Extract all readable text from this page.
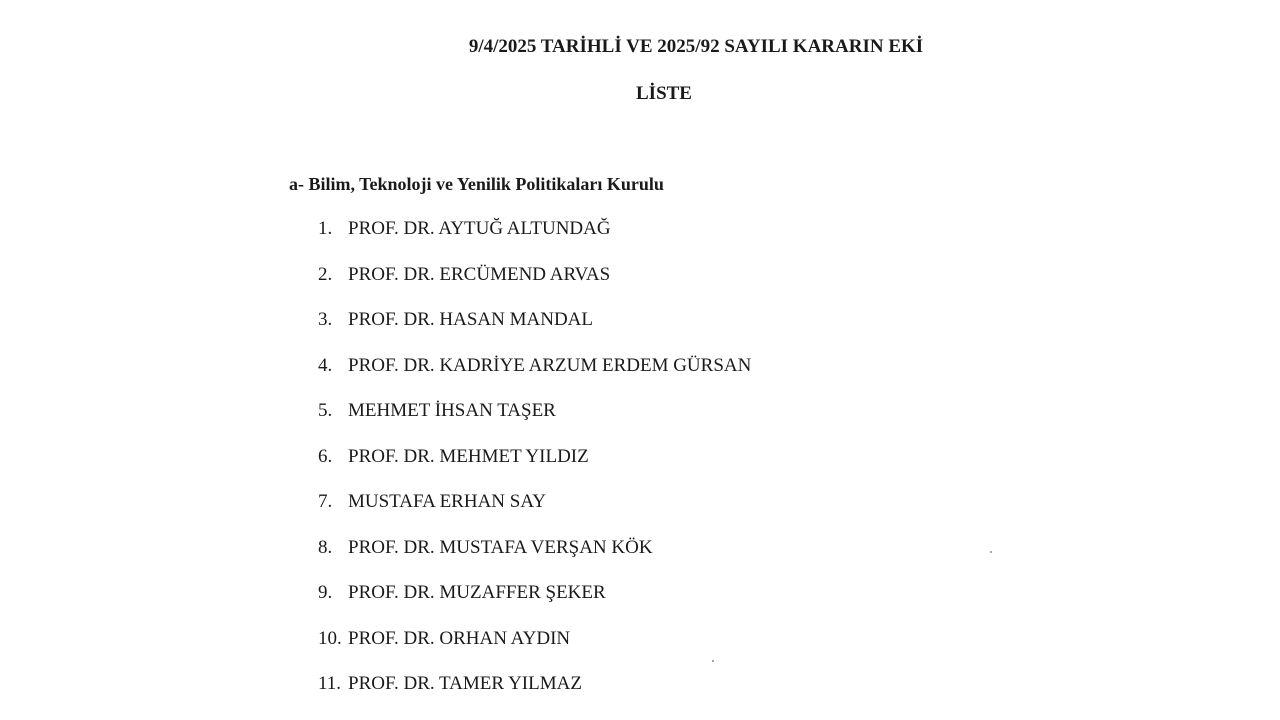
9/4/2025 TARİHLİ VE 2025/92 SAYILI KARARIN EKİ
LİSTE
a- Bilim, Teknoloji ve Yenilik Politikaları Kurulu
1. PROF. DR. AYTUĞ ALTUNDAĞ
2. PROF. DR. ERCÜMEND ARVAS
3. PROF. DR. HASAN MANDAL
4. PROF. DR. KADRİYE ARZUM ERDEM GÜRSAN
5. MEHMET İHSAN TAŞER
6. PROF. DR. MEHMET YILDIZ
7. MUSTAFA ERHAN SAY
8. PROF. DR. MUSTAFA VERŞAN KÖK
9. PROF. DR. MUZAFFER ŞEKER
10. PROF. DR. ORHAN AYDIN
11. PROF. DR. TAMER YILMAZ
